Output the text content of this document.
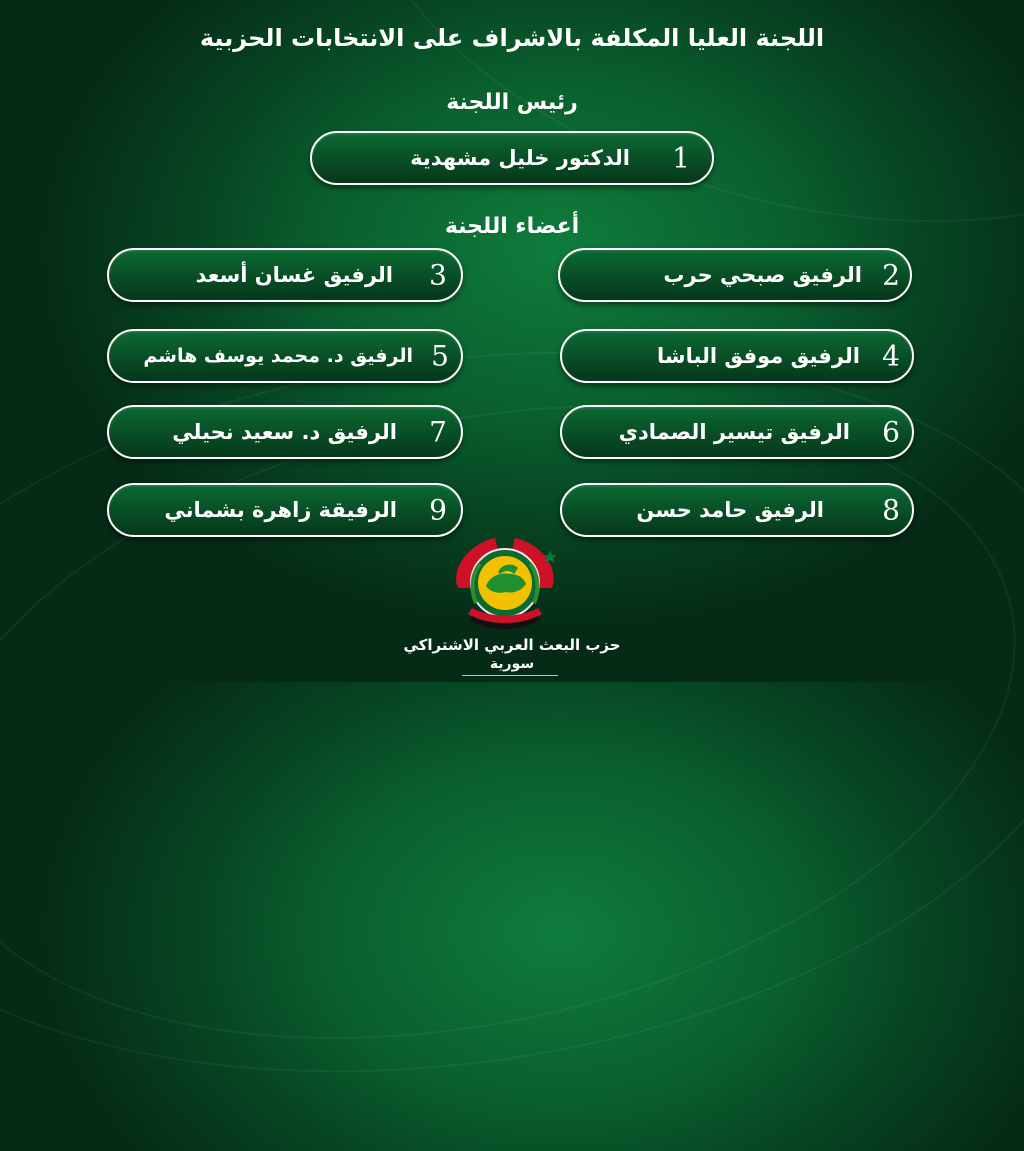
اللجنة العليا المكلفة بالاشراف على الانتخابات الحزبية
رئيس اللجنة
1
الدكتور خليل مشهدية
أعضاء اللجنة
2
الرفيق صبحي حرب
4
الرفيق موفق الباشا
6
الرفيق تيسير الصمادي
8
الرفيق حامد حسن
3
الرفيق غسان أسعد
5
الرفيق د. محمد يوسف هاشم
7
الرفيق د. سعيد نحيلي
9
الرفيقة زاهرة بشماني
حزب البعث العربي الاشتراكي
سورية
